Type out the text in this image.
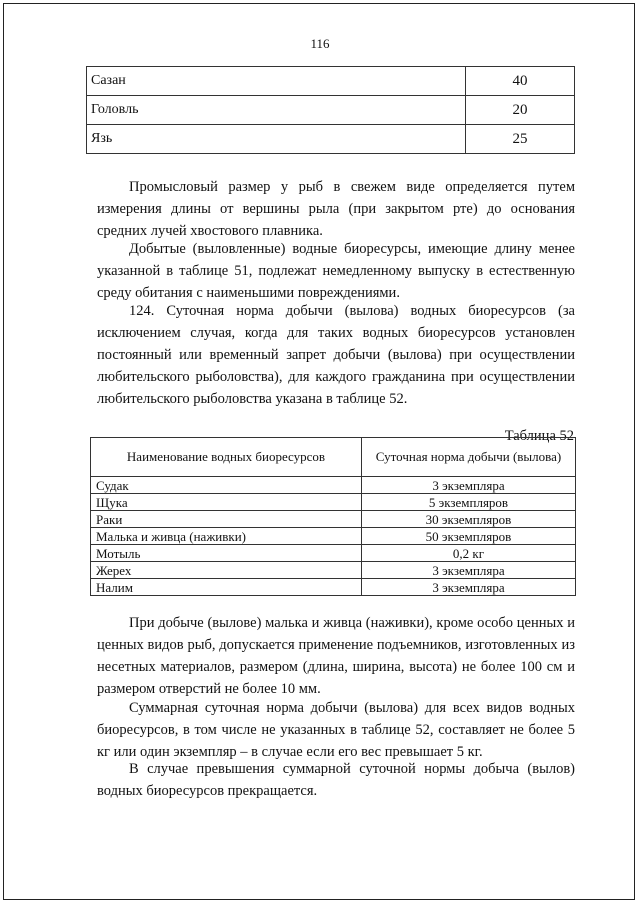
116
Сазан	40
Головль	20
Язь	25

Промысловый размер у рыб в свежем виде определяется путем измерения длины от вершины рыла (при закрытом рте) до основания средних лучей хвостового плавника.

Добытые (выловленные) водные биоресурсы, имеющие длину менее указанной в таблице 51, подлежат немедленному выпуску в естественную среду обитания с наименьшими повреждениями.

124. Суточная норма добычи (вылова) водных биоресурсов (за исключением случая, когда для таких водных биоресурсов установлен постоянный или временный запрет добычи (вылова) при осуществлении любительского рыболовства), для каждого гражданина при осуществлении любительского рыболовства указана в таблице 52.

Таблица 52
Наименование водных биоресурсов	Суточная норма добычи (вылова)
Судак	3 экземпляра
Щука	5 экземпляров
Раки	30 экземпляров
Малька и живца (наживки)	50 экземпляров
Мотыль	0,2 кг
Жерех	3 экземпляра
Налим	3 экземпляра

При добыче (вылове) малька и живца (наживки), кроме особо ценных и ценных видов рыб, допускается применение подъемников, изготовленных из несетных материалов, размером (длина, ширина, высота) не более 100 см и размером отверстий не более 10 мм.

Суммарная суточная норма добычи (вылова) для всех видов водных биоресурсов, в том числе не указанных в таблице 52, составляет не более 5 кг или один экземпляр – в случае если его вес превышает 5 кг.

В случае превышения суммарной суточной нормы добыча (вылов) водных биоресурсов прекращается.
